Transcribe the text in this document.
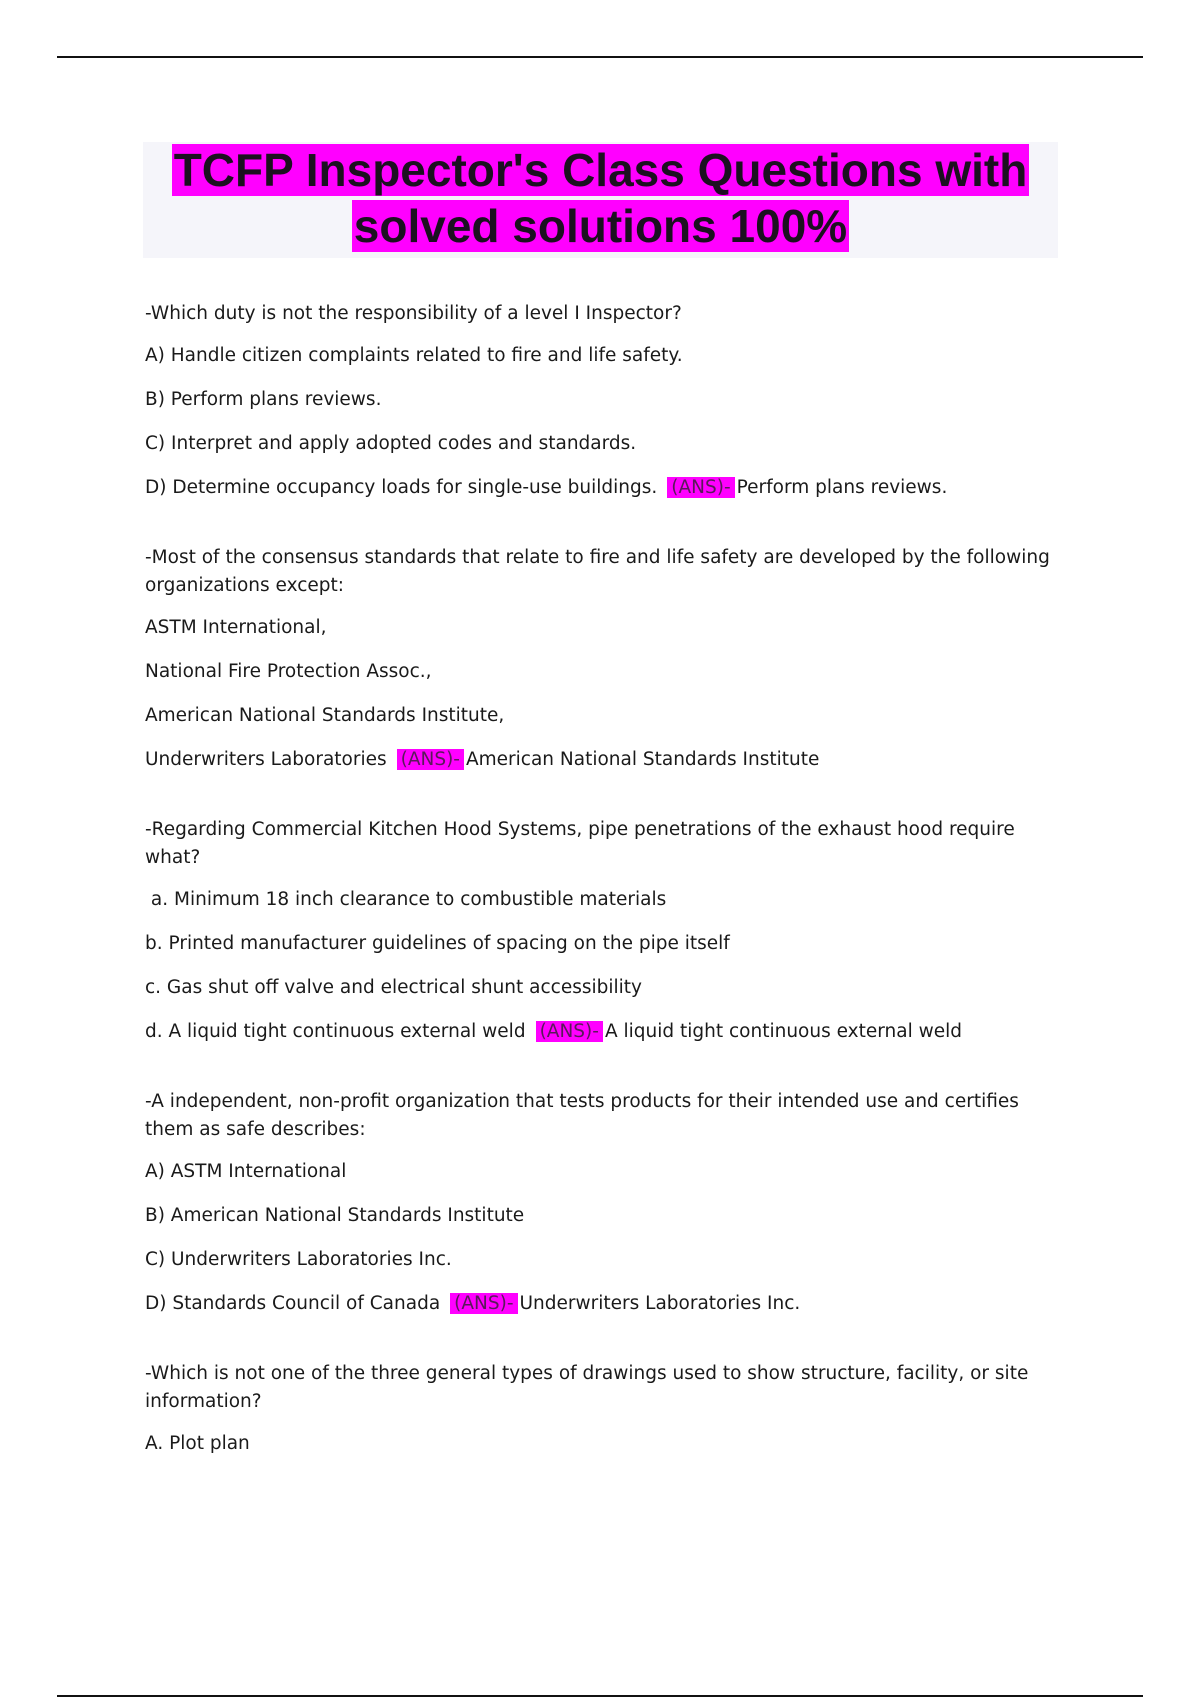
TCFP Inspector's Class Questions with
solved solutions 100%

-Which duty is not the responsibility of a level I Inspector?

A) Handle citizen complaints related to fire and life safety.

B) Perform plans reviews.

C) Interpret and apply adopted codes and standards.

D) Determine occupancy loads for single-use buildings. (ANS)- Perform plans reviews.

-Most of the consensus standards that relate to fire and life safety are developed by the following organizations except:

ASTM International,

National Fire Protection Assoc.,

American National Standards Institute,

Underwriters Laboratories (ANS)- American National Standards Institute

-Regarding Commercial Kitchen Hood Systems, pipe penetrations of the exhaust hood require what?

a. Minimum 18 inch clearance to combustible materials

b. Printed manufacturer guidelines of spacing on the pipe itself

c. Gas shut off valve and electrical shunt accessibility

d. A liquid tight continuous external weld (ANS)- A liquid tight continuous external weld

-A independent, non-profit organization that tests products for their intended use and certifies them as safe describes:

A) ASTM International

B) American National Standards Institute

C) Underwriters Laboratories Inc.

D) Standards Council of Canada (ANS)- Underwriters Laboratories Inc.

-Which is not one of the three general types of drawings used to show structure, facility, or site information?

A. Plot plan
